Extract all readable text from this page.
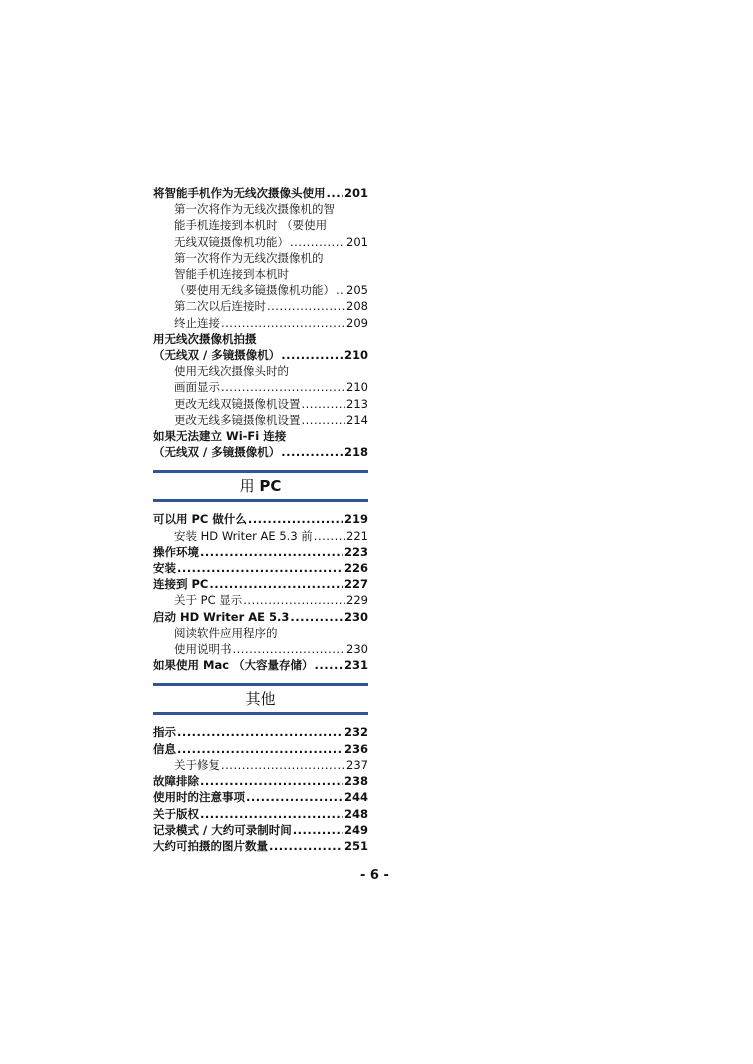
将智能手机作为无线次摄像头使用 ..... 201
第一次将作为无线次摄像机的智
能手机连接到本机时 （要使用
无线双镜摄像机功能） .....	201
第一次将作为无线次摄像机的
智能手机连接到本机时
（要使用无线多镜摄像机功能） ..... 205
第二次以后连接时 .....	208
终止连接 .....	209
用无线次摄像机拍摄
（无线双 / 多镜摄像机） .....	210
使用无线次摄像头时的
画面显示 .....	210
更改无线双镜摄像机设置 .....	213
更改无线多镜摄像机设置 .....	214
如果无法建立 Wi-Fi 连接
（无线双 / 多镜摄像机） .....	218
用 PC
可以用 PC 做什么 .....	219
安装 HD Writer AE 5.3 前 .....	221
操作环境 .....	223
安装 .....	226
连接到 PC .....	227
关于 PC 显示 .....	229
启动 HD Writer AE 5.3 .....	230
阅读软件应用程序的
使用说明书 .....	230
如果使用 Mac （大容量存储） .....	231
其他
指示 .....	232
信息 .....	236
关于修复 .....	237
故障排除 .....	238
使用时的注意事项 .....	244
关于版权 .....	248
记录模式 / 大约可录制时间 .....	249
大约可拍摄的图片数量 .....	251
- 6 -
